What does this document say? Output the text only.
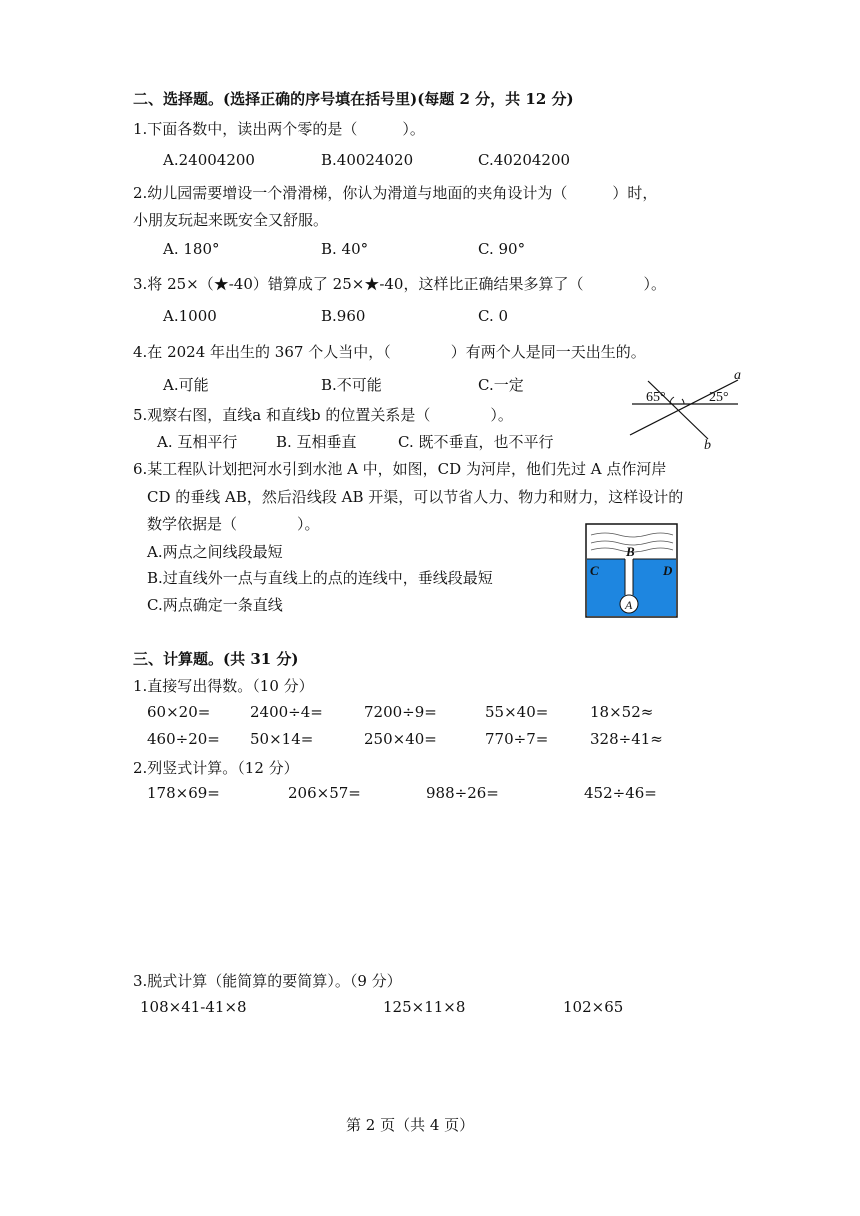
二、选择题。(选择正确的序号填在括号里)(每题 2 分，共 12 分)
1.下面各数中，读出两个零的是（　　　）。
A.24004200	B.40024020	C.40204200
2.幼儿园需要增设一个滑滑梯，你认为滑道与地面的夹角设计为（　　　）时，
小朋友玩起来既安全又舒服。
A. 180°	B. 40°	C. 90°
3.将 25×（★-40）错算成了 25×★-40，这样比正确结果多算了（　　　　）。
A.1000	B.960	C. 0
4.在 2024 年出生的 367 个人当中，（　　　　）有两个人是同一天出生的。
A.可能	B.不可能	C.一定
5.观察右图，直线a 和直线b 的位置关系是（　　　　）。
A. 互相平行	B. 互相垂直	C. 既不垂直，也不平行
65°	25°
a
b
6.某工程队计划把河水引到水池 A 中，如图，CD 为河岸，他们先过 A 点作河岸
CD 的垂线 AB，然后沿线段 AB 开渠，可以节省人力、物力和财力，这样设计的
数学依据是（　　　　）。
A.两点之间线段最短
B.过直线外一点与直线上的点的连线中，垂线段最短
C.两点确定一条直线	A
B
C	D
三、计算题。(共 31 分)
1.直接写出得数。（10 分）
60×20=	2400÷4=	7200÷9=	55×40=	18×52≈
460÷20= 50×14=	250×40=	770÷7=	328÷41≈
2.列竖式计算。（12 分）
178×69=	206×57=	988÷26=	452÷46=
3.脱式计算（能简算的要简算）。（9 分）
108×41-41×8	125×11×8	102×65
第 2 页（共 4 页）
